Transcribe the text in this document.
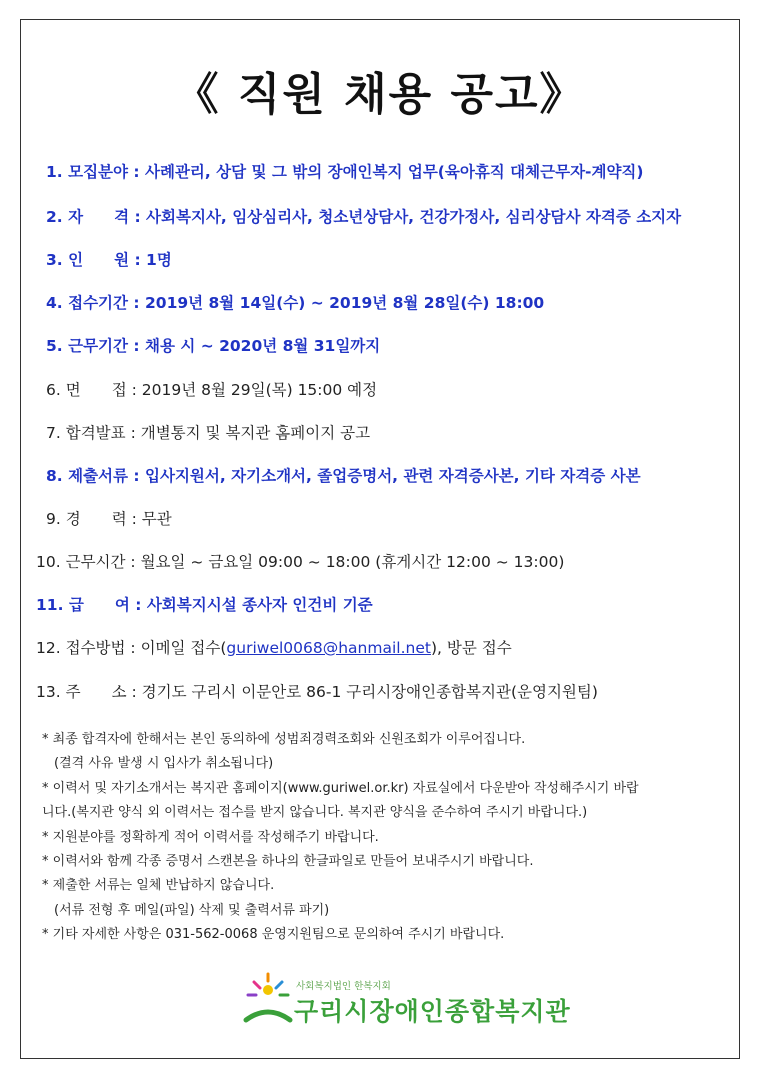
《 직원 채용 공고》
1. 모집분야 : 사례관리, 상담 및 그 밖의 장애인복지 업무(육아휴직 대체근무자-계약직)
2. 자　　격 : 사회복지사, 임상심리사, 청소년상담사, 건강가정사, 심리상담사 자격증 소지자
3. 인　　원 : 1명
4. 접수기간 : 2019년 8월 14일(수) ~ 2019년 8월 28일(수) 18:00
5. 근무기간 : 채용 시 ~ 2020년 8월 31일까지
6. 면　　접 : 2019년 8월 29일(목) 15:00 예정
7. 합격발표 : 개별통지 및 복지관 홈페이지 공고
8. 제출서류 : 입사지원서, 자기소개서, 졸업증명서, 관련 자격증사본, 기타 자격증 사본
9. 경　　력 : 무관
10. 근무시간 : 월요일 ~ 금요일 09:00 ~ 18:00 (휴게시간 12:00 ~ 13:00)
11. 급　　여 : 사회복지시설 종사자 인건비 기준
12. 접수방법 : 이메일 접수(guriwel0068@hanmail.net), 방문 접수
13. 주　　소 : 경기도 구리시 이문안로 86-1 구리시장애인종합복지관(운영지원팀)
* 최종 합격자에 한해서는 본인 동의하에 성범죄경력조회와 신원조회가 이루어집니다.
(결격 사유 발생 시 입사가 취소됩니다)
* 이력서 및 자기소개서는 복지관 홈페이지(www.guriwel.or.kr) 자료실에서 다운받아 작성해주시기 바랍
니다.(복지관 양식 외 이력서는 접수를 받지 않습니다. 복지관 양식을 준수하여 주시기 바랍니다.)
* 지원분야를 정확하게 적어 이력서를 작성해주기 바랍니다.
* 이력서와 함께 각종 증명서 스캔본을 하나의 한글파일로 만들어 보내주시기 바랍니다.
* 제출한 서류는 일체 반납하지 않습니다.
(서류 전형 후 메일(파일) 삭제 및 출력서류 파기)
* 기타 자세한 사항은 031-562-0068 운영지원팀으로 문의하여 주시기 바랍니다.
사회복지법인 한복지회
구리시장애인종합복지관
